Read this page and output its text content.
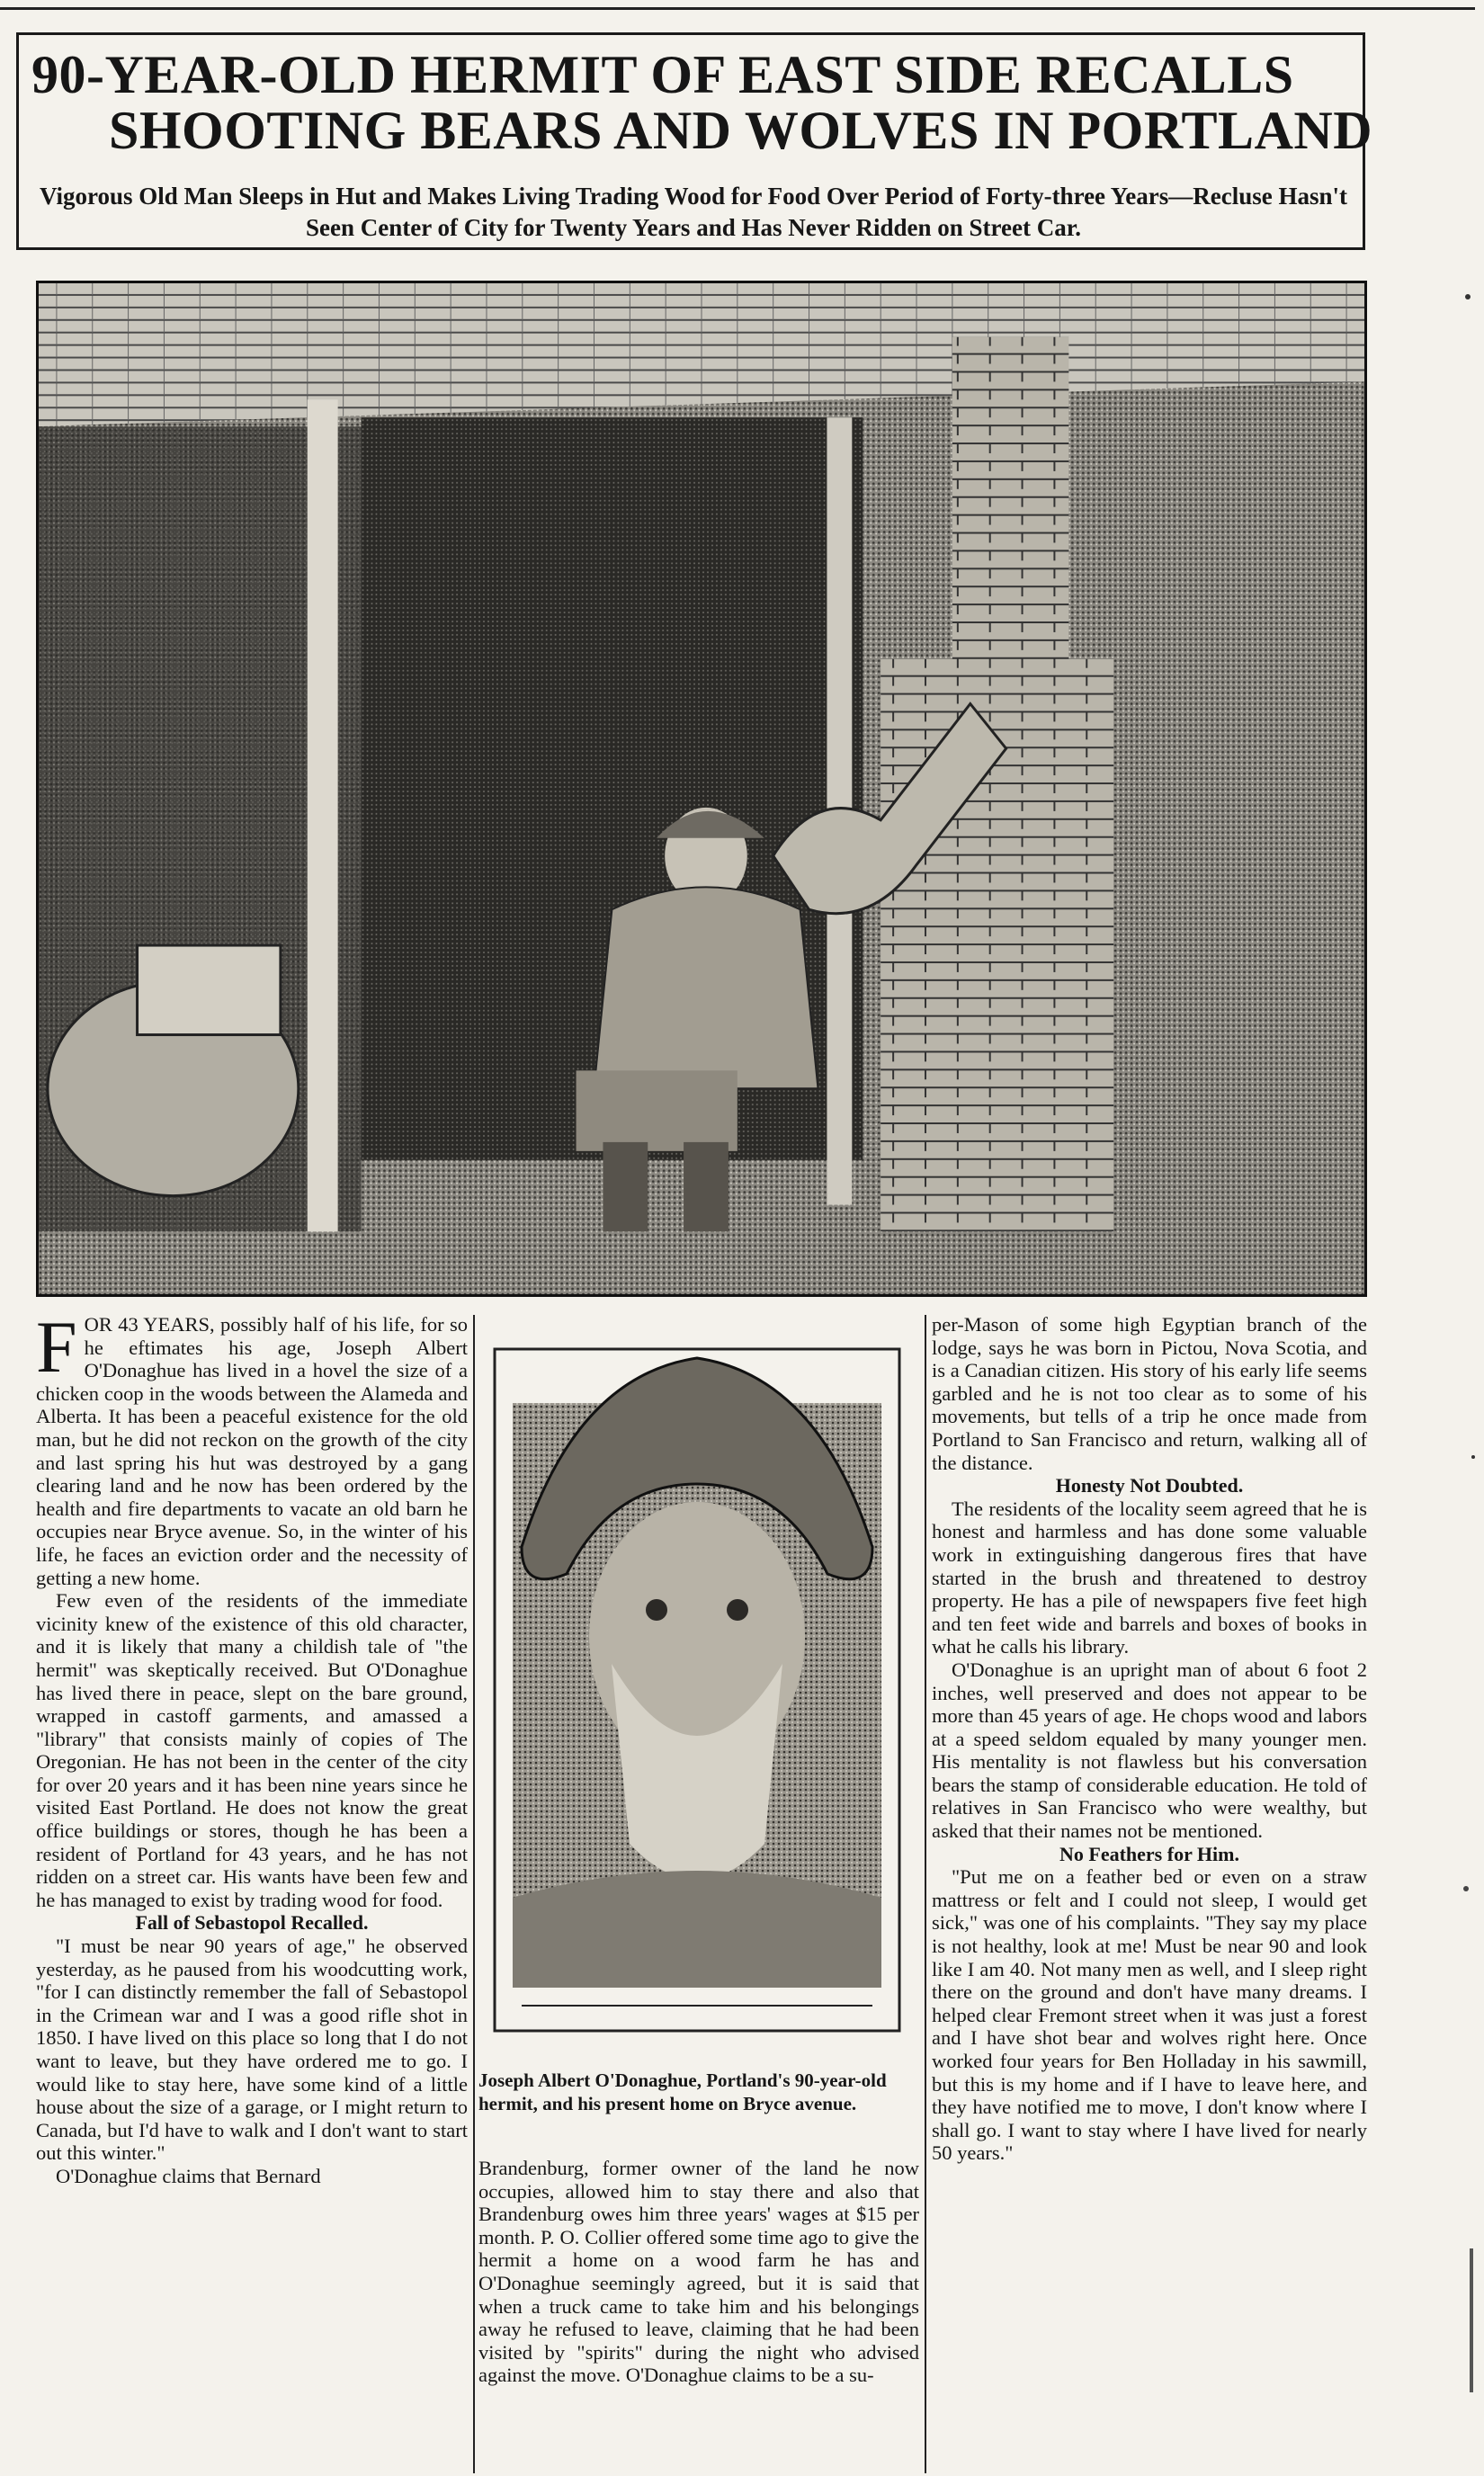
90-YEAR-OLD HERMIT OF EAST SIDE RECALLS
SHOOTING BEARS AND WOLVES IN PORTLAND
Vigorous Old Man Sleeps in Hut and Makes Living Trading Wood for Food Over Period of Forty-three Years—Recluse Hasn't Seen Center of City for Twenty Years and Has Never Ridden on Street Car.

FOR 43 YEARS, possibly half of his life, for so he eftimates his age, Joseph Albert O'Donaghue has lived in a hovel the size of a chicken coop in the woods between the Alameda and Alberta. It has been a peaceful existence for the old man, but he did not reckon on the growth of the city and last spring his hut was destroyed by a gang clearing land and he now has been ordered by the health and fire departments to vacate an old barn he occupies near Bryce avenue. So, in the winter of his life, he faces an eviction order and the necessity of getting a new home.

Few even of the residents of the immediate vicinity knew of the existence of this old character, and it is likely that many a childish tale of "the hermit" was skeptically received. But O'Donaghue has lived there in peace, slept on the bare ground, wrapped in castoff garments, and amassed a "library" that consists mainly of copies of The Oregonian. He has not been in the center of the city for over 20 years and it has been nine years since he visited East Portland. He does not know the great office buildings or stores, though he has been a resident of Portland for 43 years, and he has not ridden on a street car. His wants have been few and he has managed to exist by trading wood for food.

Fall of Sebastopol Recalled.

"I must be near 90 years of age," he observed yesterday, as he paused from his woodcutting work, "for I can distinctly remember the fall of Sebastopol in the Crimean war and I was a good rifle shot in 1850. I have lived on this place so long that I do not want to leave, but they have ordered me to go. I would like to stay here, have some kind of a little house about the size of a garage, or I might return to Canada, but I'd have to walk and I don't want to start out this winter."

O'Donaghue claims that Bernard

Joseph Albert O'Donaghue, Portland's 90-year-old hermit, and his present home on Bryce avenue.

Brandenburg, former owner of the land he now occupies, allowed him to stay there and also that Brandenburg owes him three years' wages at $15 per month. P. O. Collier offered some time ago to give the hermit a home on a wood farm he has and O'Donaghue seemingly agreed, but it is said that when a truck came to take him and his belongings away he refused to leave, claiming that he had been visited by "spirits" during the night who advised against the move. O'Donaghue claims to be a su-

per-Mason of some high Egyptian branch of the lodge, says he was born in Pictou, Nova Scotia, and is a Canadian citizen. His story of his early life seems garbled and he is not too clear as to some of his movements, but tells of a trip he once made from Portland to San Francisco and return, walking all of the distance.

Honesty Not Doubted.

The residents of the locality seem agreed that he is honest and harmless and has done some valuable work in extinguishing dangerous fires that have started in the brush and threatened to destroy property. He has a pile of newspapers five feet high and ten feet wide and barrels and boxes of books in what he calls his library.

O'Donaghue is an upright man of about 6 foot 2 inches, well preserved and does not appear to be more than 45 years of age. He chops wood and labors at a speed seldom equaled by many younger men. His mentality is not flawless but his conversation bears the stamp of considerable education. He told of relatives in San Francisco who were wealthy, but asked that their names not be mentioned.

No Feathers for Him.

"Put me on a feather bed or even on a straw mattress or felt and I could not sleep, I would get sick," was one of his complaints. "They say my place is not healthy, look at me! Must be near 90 and look like I am 40. Not many men as well, and I sleep right there on the ground and don't have many dreams. I helped clear Fremont street when it was just a forest and I have shot bear and wolves right here. Once worked four years for Ben Holladay in his sawmill, but this is my home and if I have to leave here, and they have notified me to move, I don't know where I shall go. I want to stay where I have lived for nearly 50 years."
